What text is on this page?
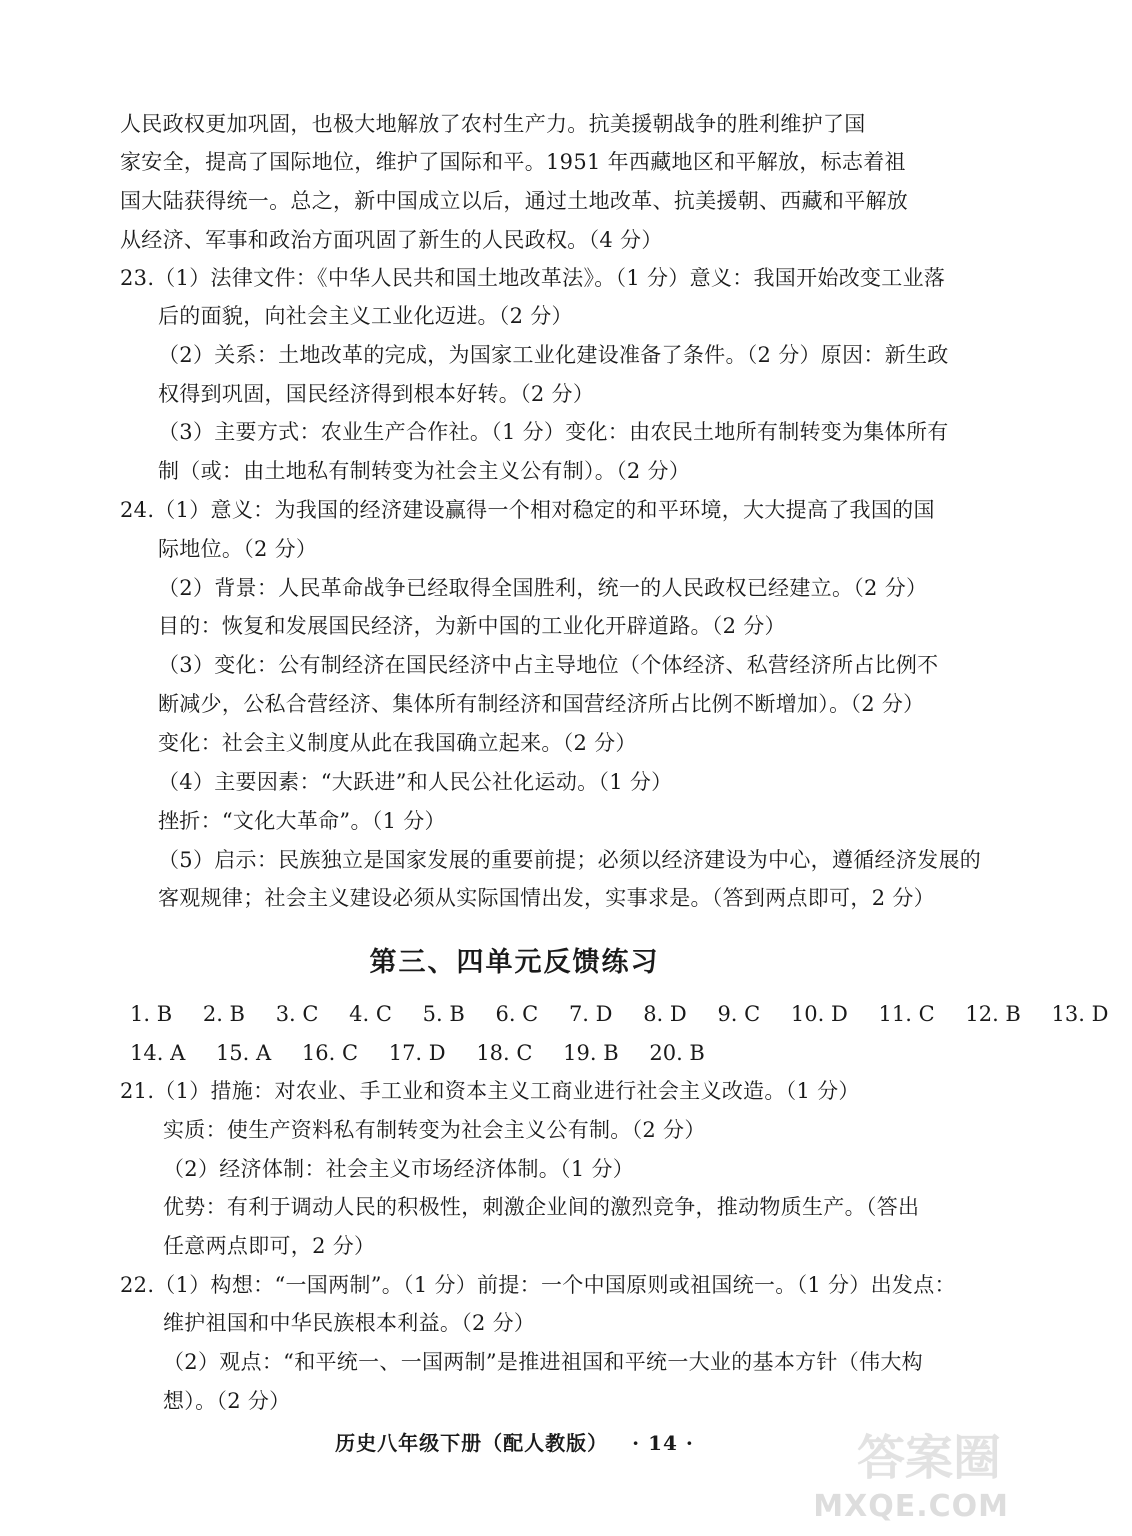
人民政权更加巩固，也极大地解放了农村生产力。抗美援朝战争的胜利维护了国
家安全，提高了国际地位，维护了国际和平。1951 年西藏地区和平解放，标志着祖
国大陆获得统一。总之，新中国成立以后，通过土地改革、抗美援朝、西藏和平解放
从经济、军事和政治方面巩固了新生的人民政权。（4 分）
23.（1）法律文件：《中华人民共和国土地改革法》。（1 分）意义：我国开始改变工业落
后的面貌，向社会主义工业化迈进。（2 分）
（2）关系：土地改革的完成，为国家工业化建设准备了条件。（2 分）原因：新生政
权得到巩固，国民经济得到根本好转。（2 分）
（3）主要方式：农业生产合作社。（1 分）变化：由农民土地所有制转变为集体所有
制（或：由土地私有制转变为社会主义公有制）。（2 分）
24.（1）意义：为我国的经济建设赢得一个相对稳定的和平环境，大大提高了我国的国
际地位。（2 分）
（2）背景：人民革命战争已经取得全国胜利，统一的人民政权已经建立。（2 分）
目的：恢复和发展国民经济，为新中国的工业化开辟道路。（2 分）
（3）变化：公有制经济在国民经济中占主导地位（个体经济、私营经济所占比例不
断减少，公私合营经济、集体所有制经济和国营经济所占比例不断增加）。（2 分）
变化：社会主义制度从此在我国确立起来。（2 分）
（4）主要因素：“大跃进”和人民公社化运动。（1 分）
挫折：“文化大革命”。（1 分）
（5）启示：民族独立是国家发展的重要前提；必须以经济建设为中心，遵循经济发展的
客观规律；社会主义建设必须从实际国情出发，实事求是。（答到两点即可，2 分）
第三、四单元反馈练习
1. B 2. B 3. C 4. C 5. B 6. C 7. D 8. D 9. C 10. D 11. C 12. B 13. D
14. A 15. A 16. C 17. D 18. C 19. B 20. B
21.（1）措施：对农业、手工业和资本主义工商业进行社会主义改造。（1 分）
实质：使生产资料私有制转变为社会主义公有制。（2 分）
（2）经济体制：社会主义市场经济体制。（1 分）
优势：有利于调动人民的积极性，刺激企业间的激烈竞争，推动物质生产。（答出
任意两点即可，2 分）
22.（1）构想：“一国两制”。（1 分）前提：一个中国原则或祖国统一。（1 分）出发点：
维护祖国和中华民族根本利益。（2 分）
（2）观点：“和平统一、一国两制”是推进祖国和平统一大业的基本方针（伟大构
想）。（2 分）
历史八年级下册（配人教版） · 14 ·	答案圈
MXQE.COM
